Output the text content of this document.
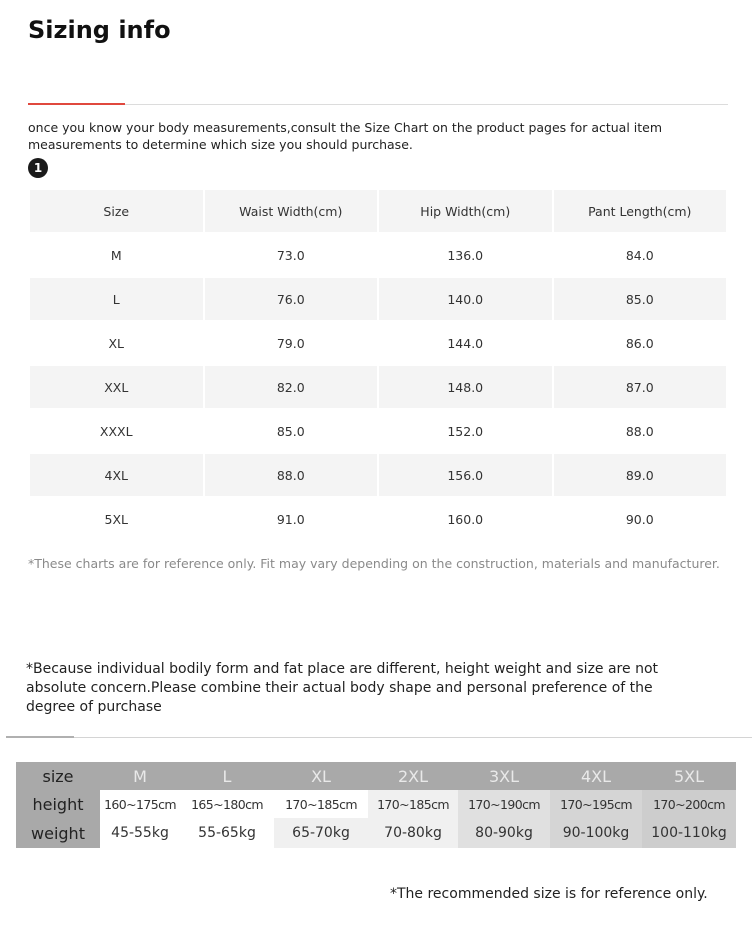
Sizing info

once you know your body measurements,consult the Size Chart on the product pages for actual item measurements to determine which size you should purchase.

1
Size	Waist Width(cm)	Hip Width(cm)	Pant Length(cm)
M	73.0	136.0	84.0
L	76.0	140.0	85.0
XL	79.0	144.0	86.0
XXL	82.0	148.0	87.0
XXXL	85.0	152.0	88.0
4XL	88.0	156.0	89.0
5XL	91.0	160.0	90.0

*These charts are for reference only. Fit may vary depending on the construction, materials and manufacturer.

*Because individual bodily form and fat place are different, height weight and size are not absolute concern.Please combine their actual body shape and personal preference of the degree of purchase

size	M	L	XL	2XL	3XL	4XL	5XL
height	160~175cm	165~180cm	170~185cm	170~185cm	170~190cm	170~195cm	170~200cm
weight	45-55kg	55-65kg	65-70kg	70-80kg	80-90kg	90-100kg	100-110kg

*The recommended size is for reference only.
